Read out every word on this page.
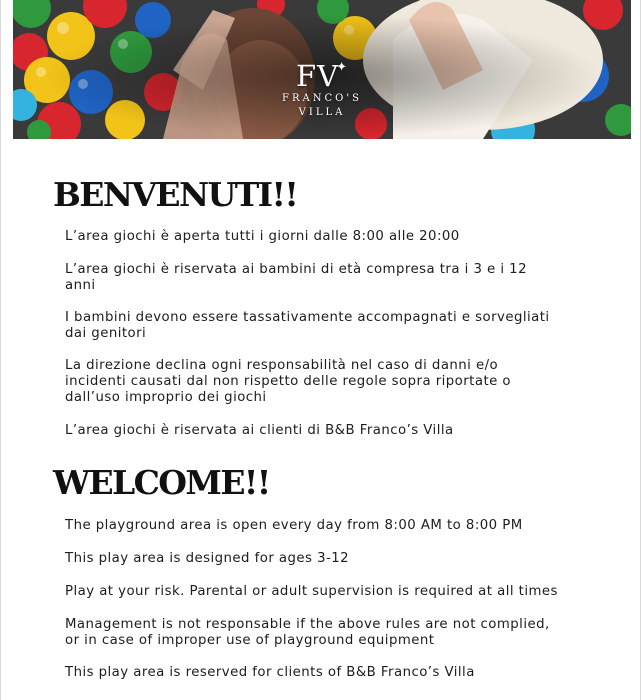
FV✦
FRANCO'S
VILLA
BENVENUTI!!
L’area giochi è aperta tutti i giorni dalle 8:00 alle 20:00
L’area giochi è riservata ai bambini di età compresa tra i 3 e i 12
anni
I bambini devono essere tassativamente accompagnati e sorvegliati
dai genitori
La direzione declina ogni responsabilità nel caso di danni e/o
incidenti causati dal non rispetto delle regole sopra riportate o
dall’uso improprio dei giochi
L’area giochi è riservata ai clienti di B&B Franco’s Villa
WELCOME!!
The playground area is open every day from 8:00 AM to 8:00 PM
This play area is designed for ages 3-12
Play at your risk. Parental or adult supervision is required at all times
Management is not responsable if the above rules are not complied,
or in case of improper use of playground equipment
This play area is reserved for clients of B&B Franco’s Villa
